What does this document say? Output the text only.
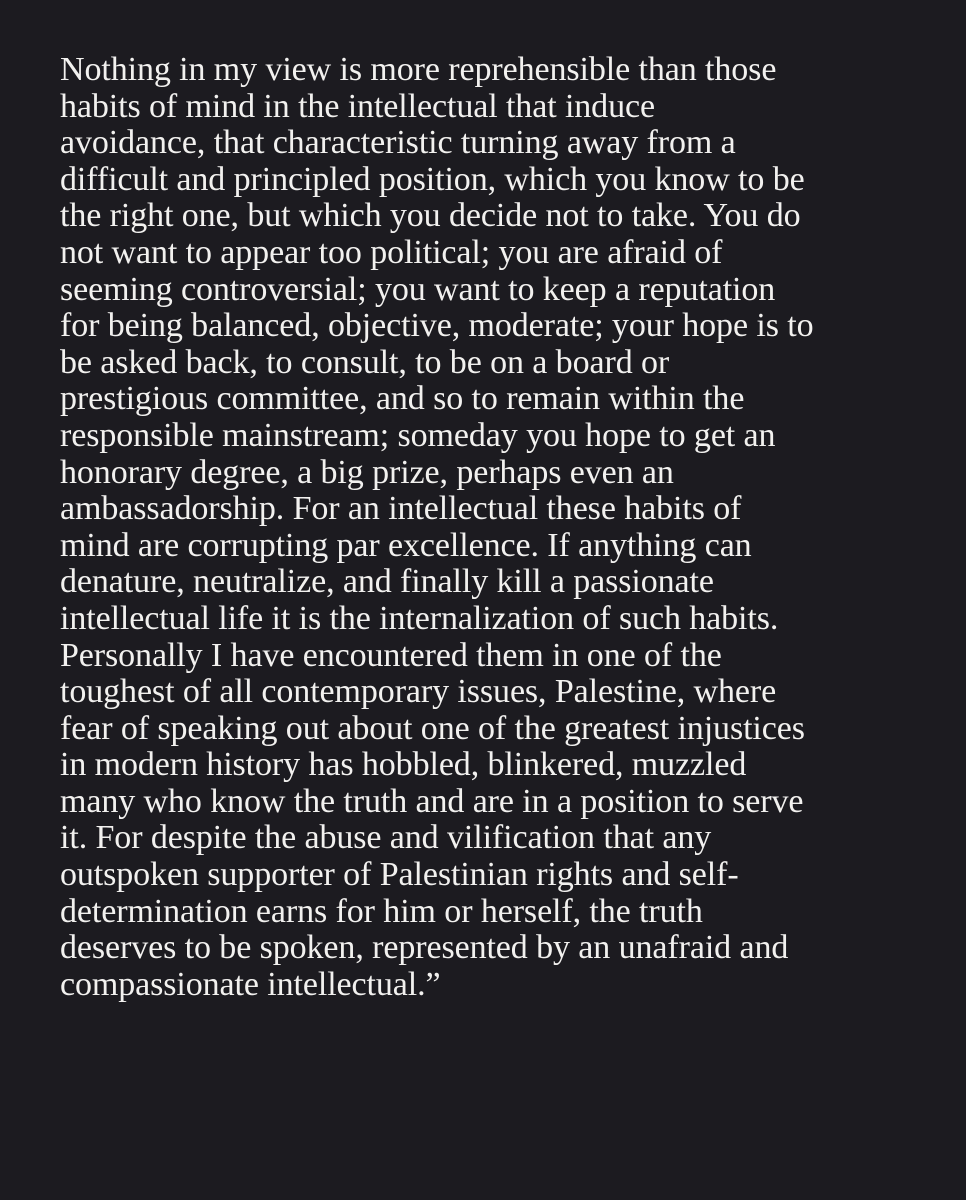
Nothing in my view is more reprehensible than those
habits of mind in the intellectual that induce
avoidance, that characteristic turning away from a
difficult and principled position, which you know to be
the right one, but which you decide not to take. You do
not want to appear too political; you are afraid of
seeming controversial; you want to keep a reputation
for being balanced, objective, moderate; your hope is to
be asked back, to consult, to be on a board or
prestigious committee, and so to remain within the
responsible mainstream; someday you hope to get an
honorary degree, a big prize, perhaps even an
ambassadorship. For an intellectual these habits of
mind are corrupting par excellence. If anything can
denature, neutralize, and finally kill a passionate
intellectual life it is the internalization of such habits.
Personally I have encountered them in one of the
toughest of all contemporary issues, Palestine, where
fear of speaking out about one of the greatest injustices
in modern history has hobbled, blinkered, muzzled
many who know the truth and are in a position to serve
it. For despite the abuse and vilification that any
outspoken supporter of Palestinian rights and self-
determination earns for him or herself, the truth
deserves to be spoken, represented by an unafraid and
compassionate intellectual.”
